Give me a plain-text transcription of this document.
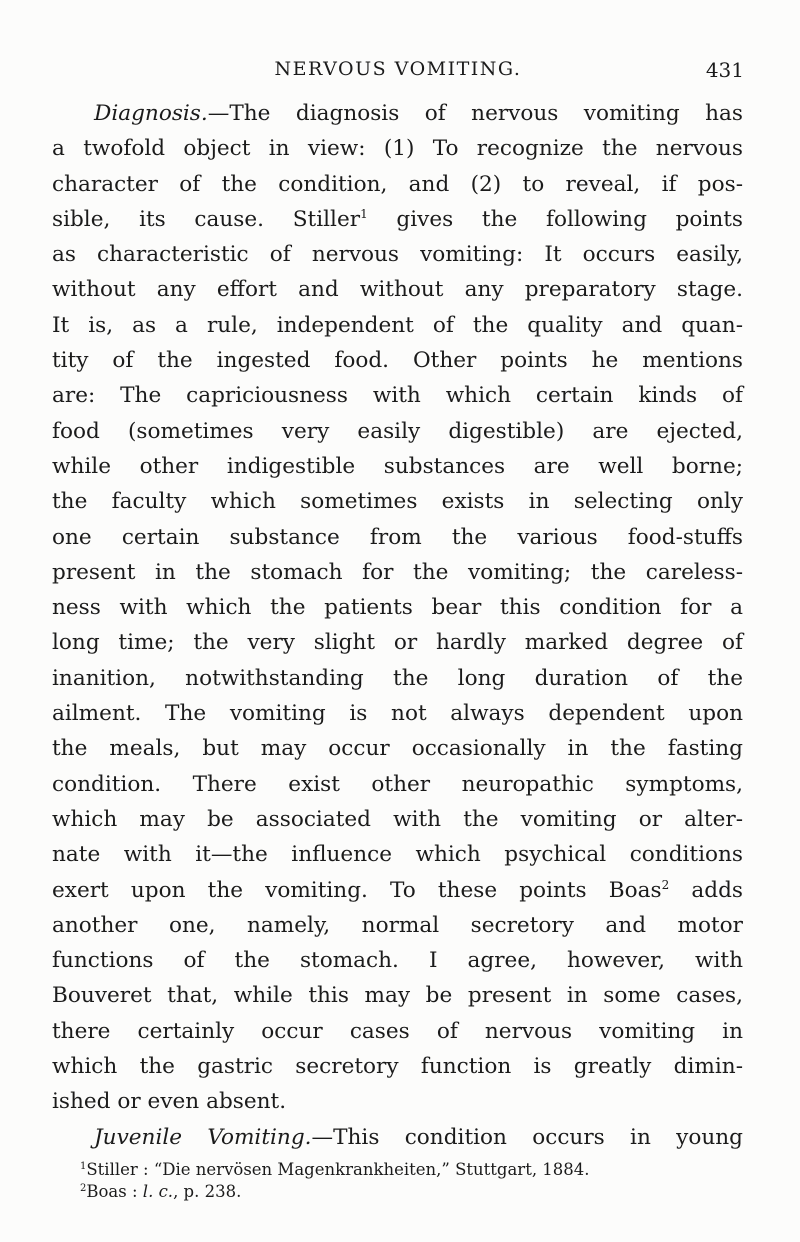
NERVOUS VOMITING.	431
Diagnosis.—The diagnosis of nervous vomiting has
a twofold object in view: (1) To recognize the nervous
character of the condition, and (2) to reveal, if pos-
sible, its cause. Stiller$^1$ gives the following points
as characteristic of nervous vomiting: It occurs easily,
without any effort and without any preparatory stage.
It is, as a rule, independent of the quality and quan-
tity of the ingested food. Other points he mentions
are: The capriciousness with which certain kinds of
food (sometimes very easily digestible) are ejected,
while other indigestible substances are well borne;
the faculty which sometimes exists in selecting only
one certain substance from the various food-stuffs
present in the stomach for the vomiting; the careless-
ness with which the patients bear this condition for a
long time; the very slight or hardly marked degree of
inanition, notwithstanding the long duration of the
ailment. The vomiting is not always dependent upon
the meals, but may occur occasionally in the fasting
condition. There exist other neuropathic symptoms,
which may be associated with the vomiting or alter-
nate with it—the influence which psychical conditions
exert upon the vomiting. To these points Boas$^2$ adds
another one, namely, normal secretory and motor
functions of the stomach. I agree, however, with
Bouveret that, while this may be present in some cases,
there certainly occur cases of nervous vomiting in
which the gastric secretory function is greatly dimin-
ished or even absent.
Juvenile Vomiting.—This condition occurs in young
$^1$Stiller : “Die nervösen Magenkrankheiten,” Stuttgart, 1884.
$^2$Boas : l. c., p. 238.
